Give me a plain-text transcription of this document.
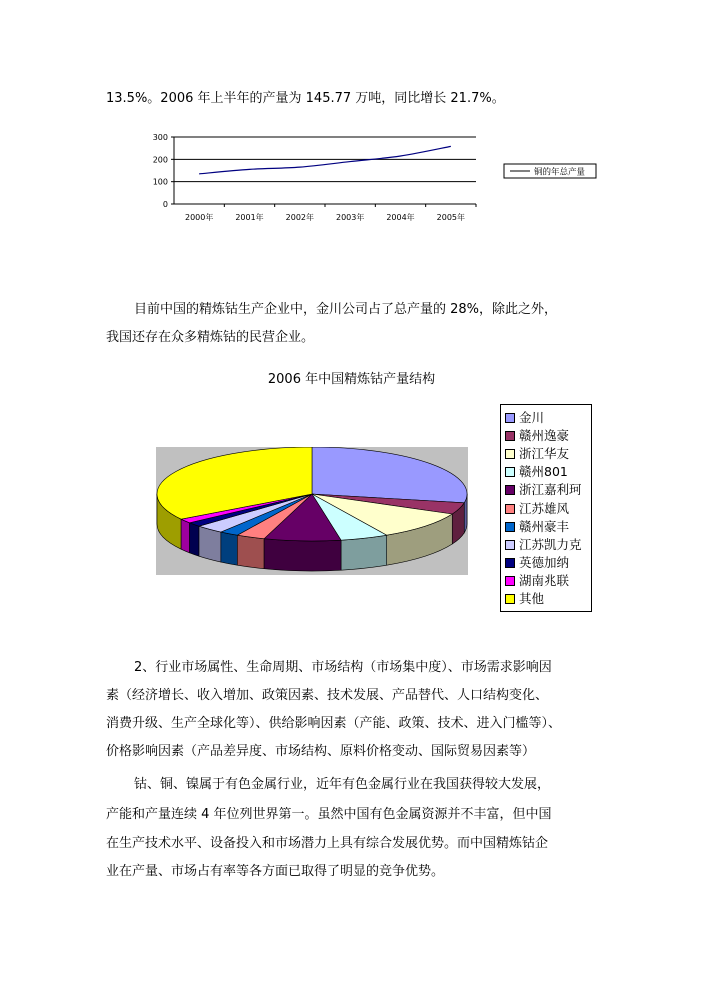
13.5%。2006 年上半年的产量为 145.77 万吨，同比增长 21.7%。
0
100
200
300
2000年	2001年	2002年	2003年	2004年	2005年
铜的年总产量
目前中国的精炼钴生产企业中，金川公司占了总产量的 28%，除此之外，
我国还存在众多精炼钴的民营企业。
2006 年中国精炼钴产量结构
金川
赣州逸豪
浙江华友
赣州801
浙江嘉利珂
江苏雄风
赣州豪丰
江苏凯力克
英德加纳
湖南兆联
其他
2、行业市场属性、生命周期、市场结构（市场集中度）、市场需求影响因
素（经济增长、收入增加、政策因素、技术发展、产品替代、人口结构变化、
消费升级、生产全球化等）、供给影响因素（产能、政策、技术、进入门槛等）、
价格影响因素（产品差异度、市场结构、原料价格变动、国际贸易因素等）
钴、铜、镍属于有色金属行业，近年有色金属行业在我国获得较大发展，
产能和产量连续 4 年位列世界第一。虽然中国有色金属资源并不丰富，但中国
在生产技术水平、设备投入和市场潜力上具有综合发展优势。而中国精炼钴企
业在产量、市场占有率等各方面已取得了明显的竞争优势。
